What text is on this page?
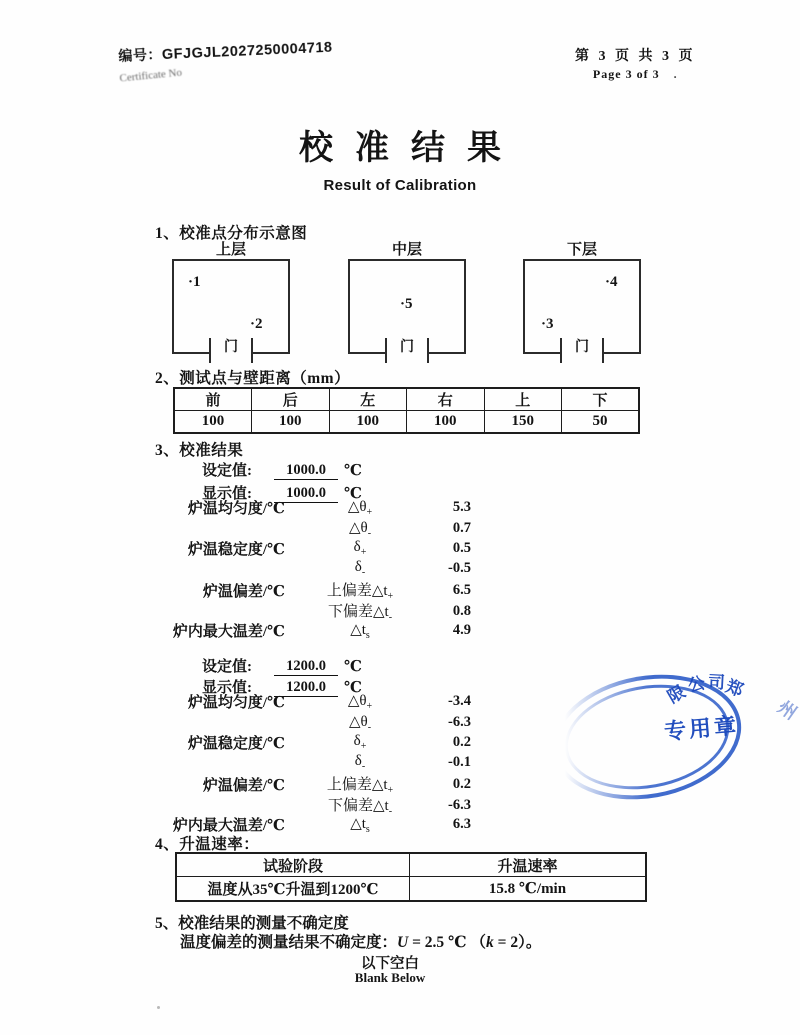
编号：GFJGJL2027250004718
Certificate No
第 3 页 共 3 页
Page 3 of 3 .
校准结果
Result of Calibration
1、校准点分布示意图
上层
·1
·2
门
中层
·5
门
下层
·4
·3
门
2、测试点与壁距离（mm）
前	后	左	右	上	下
100	100	100	100	150	50
3、校准结果
设定值:	1000.0	℃
显示值:	1000.0	℃
炉温均匀度/℃	$\triangle\theta_+$	5.3
$\triangle\theta_-$	0.7
炉温稳定度/℃	$\delta_+$	0.5
$\delta_-$	-0.5
炉温偏差/℃	上偏差$\triangle t_+$	6.5
下偏差$\triangle t_-$	0.8
炉内最大温差/℃	$\triangle t_s$	4.9
设定值:	1200.0	℃
显示值:	1200.0	℃
炉温均匀度/℃	$\triangle\theta_+$	-3.4
$\triangle\theta_-$	-6.3
炉温稳定度/℃	$\delta_+$	0.2
$\delta_-$	-0.1
炉温偏差/℃	上偏差$\triangle t_+$	0.2
下偏差$\triangle t_-$	-6.3
炉内最大温差/℃	$\triangle t_s$	6.3
4、升温速率：
试验阶段	升温速率
温度从35℃升温到1200℃	15.8 ℃/min
5、校准结果的测量不确定度
温度偏差的测量结果不确定度：U = 2.5 ℃ （k = 2）。
以下空白
Blank Below
限
公 司
郑
州
专用章
